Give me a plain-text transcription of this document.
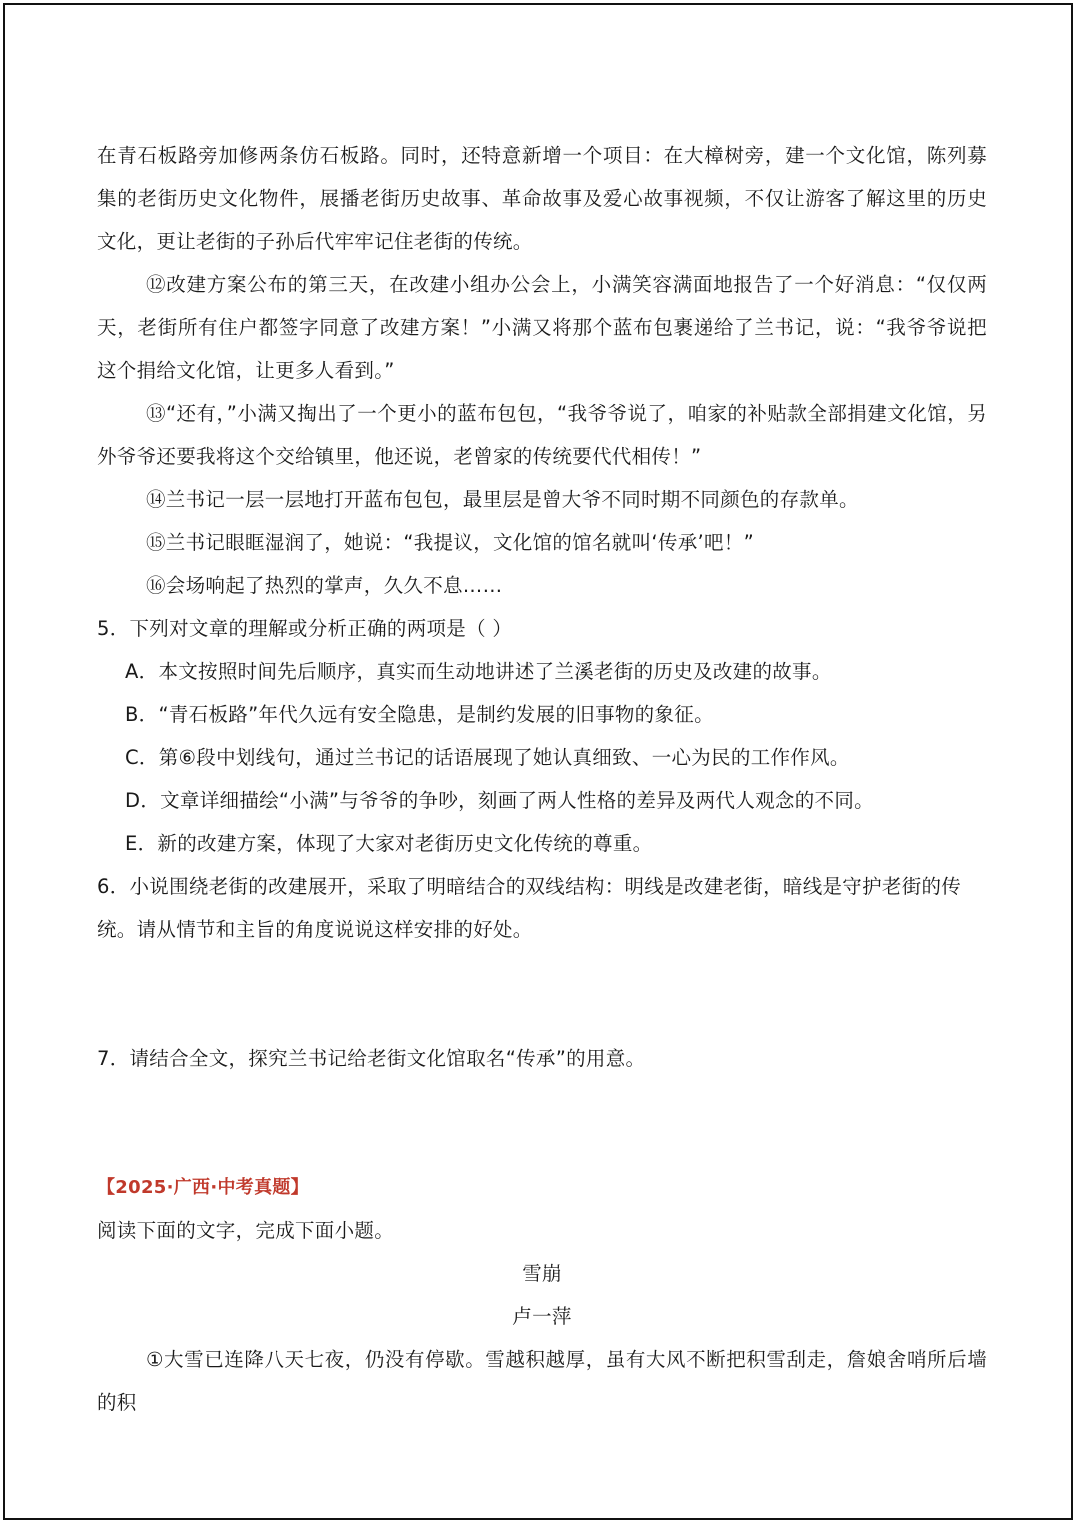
在青石板路旁加修两条仿石板路。同时，还特意新增一个项目：在大樟树旁，建一个文化馆，陈列募集的老街历史文化物件，展播老街历史故事、革命故事及爱心故事视频，不仅让游客了解这里的历史文化，更让老街的子孙后代牢牢记住老街的传统。

⑫改建方案公布的第三天，在改建小组办公会上，小满笑容满面地报告了一个好消息：“仅仅两天，老街所有住户都签字同意了改建方案！”小满又将那个蓝布包裹递给了兰书记，说：“我爷爷说把这个捐给文化馆，让更多人看到。”

⑬“还有，”小满又掏出了一个更小的蓝布包包，“我爷爷说了，咱家的补贴款全部捐建文化馆，另外爷爷还要我将这个交给镇里，他还说，老曾家的传统要代代相传！”

⑭兰书记一层一层地打开蓝布包包，最里层是曾大爷不同时期不同颜色的存款单。

⑮兰书记眼眶湿润了，她说：“我提议，文化馆的馆名就叫‘传承’吧！”

⑯会场响起了热烈的掌声，久久不息……

5．下列对文章的理解或分析正确的两项是（ ）

A．本文按照时间先后顺序，真实而生动地讲述了兰溪老街的历史及改建的故事。

B．“青石板路”年代久远有安全隐患，是制约发展的旧事物的象征。

C．第⑥段中划线句，通过兰书记的话语展现了她认真细致、一心为民的工作作风。

D．文章详细描绘“小满”与爷爷的争吵，刻画了两人性格的差异及两代人观念的不同。

E．新的改建方案，体现了大家对老街历史文化传统的尊重。

6．小说围绕老街的改建展开，采取了明暗结合的双线结构：明线是改建老街，暗线是守护老街的传统。请从情节和主旨的角度说说这样安排的好处。

7．请结合全文，探究兰书记给老街文化馆取名“传承”的用意。

【2025·广西·中考真题】

阅读下面的文字，完成下面小题。

雪崩

卢一萍

①大雪已连降八天七夜，仍没有停歇。雪越积越厚，虽有大风不断把积雪刮走，詹娘舍哨所后墙的积
